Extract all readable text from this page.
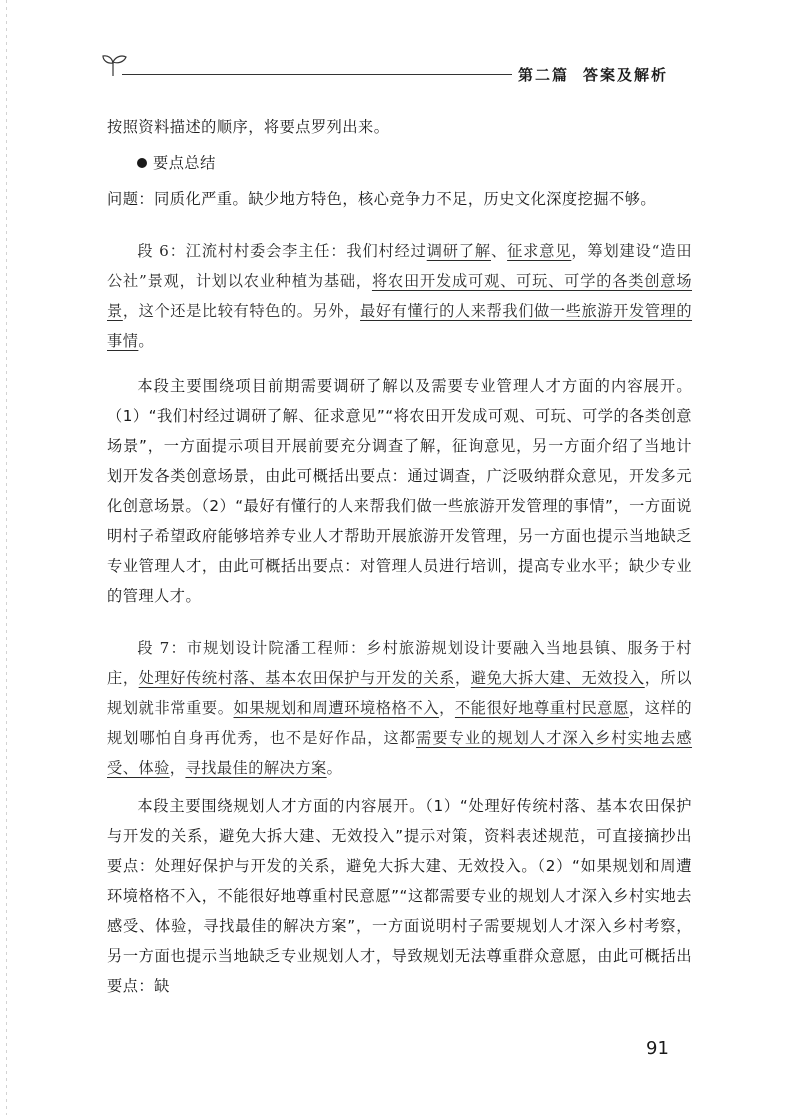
第二篇 答案及解析

按照资料描述的顺序，将要点罗列出来。

要点总结

问题：同质化严重。缺少地方特色，核心竞争力不足，历史文化深度挖掘不够。

段 6：江流村村委会李主任：我们村经过调研了解、征求意见，筹划建设“造田公社”景观，计划以农业种植为基础，将农田开发成可观、可玩、可学的各类创意场景，这个还是比较有特色的。另外，最好有懂行的人来帮我们做一些旅游开发管理的事情。

本段主要围绕项目前期需要调研了解以及需要专业管理人才方面的内容展开。（1）“我们村经过调研了解、征求意见”“将农田开发成可观、可玩、可学的各类创意场景”，一方面提示项目开展前要充分调查了解，征询意见，另一方面介绍了当地计划开发各类创意场景，由此可概括出要点：通过调查，广泛吸纳群众意见，开发多元化创意场景。（2）“最好有懂行的人来帮我们做一些旅游开发管理的事情”，一方面说明村子希望政府能够培养专业人才帮助开展旅游开发管理，另一方面也提示当地缺乏专业管理人才，由此可概括出要点：对管理人员进行培训，提高专业水平；缺少专业的管理人才。

段 7：市规划设计院潘工程师：乡村旅游规划设计要融入当地县镇、服务于村庄，处理好传统村落、基本农田保护与开发的关系，避免大拆大建、无效投入，所以规划就非常重要。如果规划和周遭环境格格不入，不能很好地尊重村民意愿，这样的规划哪怕自身再优秀，也不是好作品，这都需要专业的规划人才深入乡村实地去感受、体验，寻找最佳的解决方案。

本段主要围绕规划人才方面的内容展开。（1）“处理好传统村落、基本农田保护与开发的关系，避免大拆大建、无效投入”提示对策，资料表述规范，可直接摘抄出要点：处理好保护与开发的关系，避免大拆大建、无效投入。（2）“如果规划和周遭环境格格不入，不能很好地尊重村民意愿”“这都需要专业的规划人才深入乡村实地去感受、体验，寻找最佳的解决方案”，一方面说明村子需要规划人才深入乡村考察，另一方面也提示当地缺乏专业规划人才，导致规划无法尊重群众意愿，由此可概括出要点：缺

91
